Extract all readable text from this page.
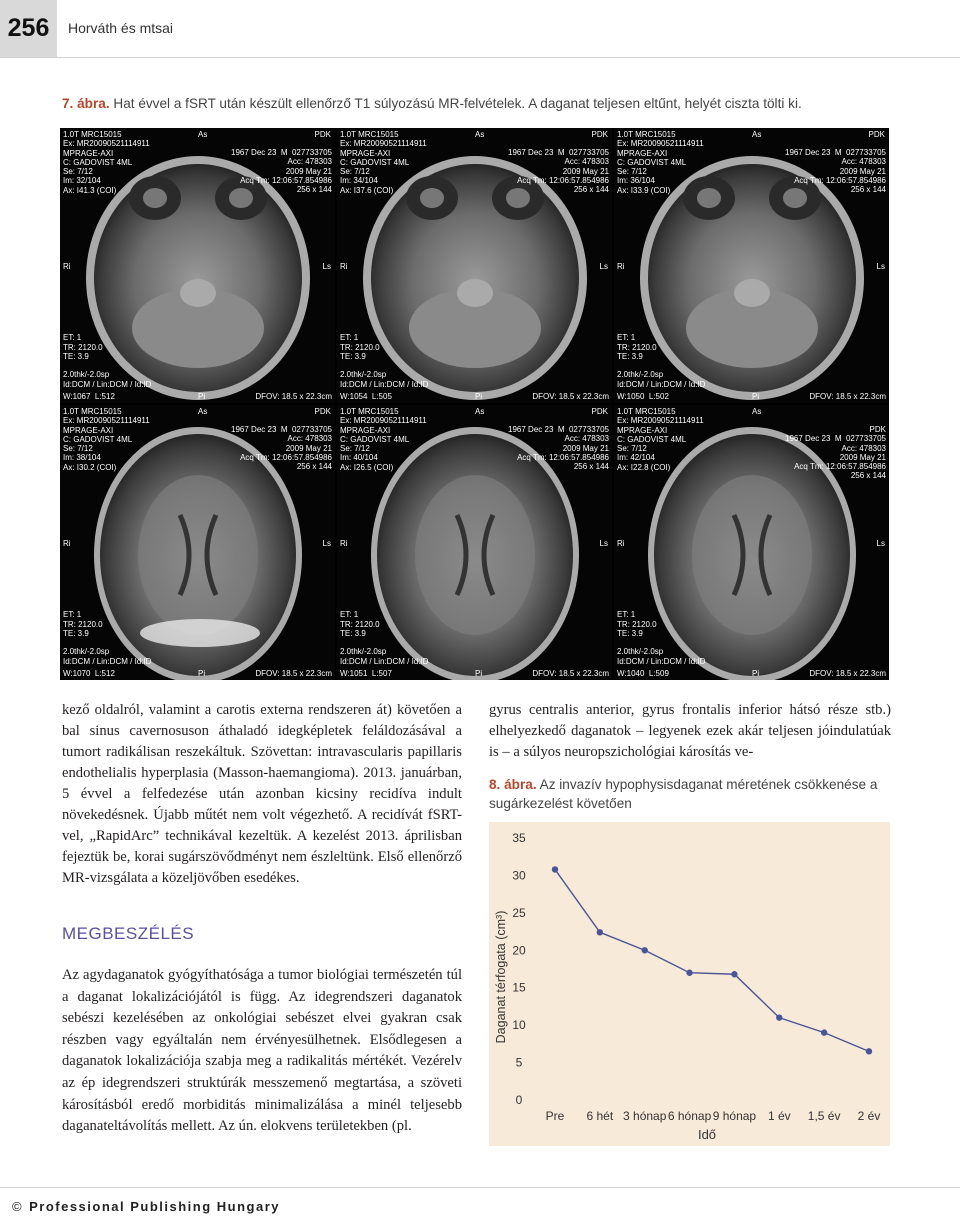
256	Horváth és mtsai
7. ábra. Hat évvel a fSRT után készült ellenőrző T1 súlyozású MR-felvételek. A daganat teljesen eltűnt, helyét ciszta tölti ki.
1.0T MRC15015
Ex: MR20090521114911
MPRAGE-AXI
C: GADOVIST 4ML
Se: 7/12
Im: 32/104
Ax: I41.3 (COI)
1967 Dec 23  M  027733705
Acc: 478303
2009 May 21
Acq Tm: 12:06:57.854986
256 x 144
As	PDK
Ri	Ls
ET: 1
TR: 2120.0
TE: 3.9

2.0thk/-2.0sp
Id:DCM / Lin:DCM / Id:ID
W:1067  L:512	Pi	DFOV: 18.5 x 22.3cm
1.0T MRC15015
Ex: MR20090521114911
MPRAGE-AXI
C: GADOVIST 4ML
Se: 7/12
Im: 34/104
Ax: I37.6 (COI)
1967 Dec 23  M  027733705
Acc: 478303
2009 May 21
Acq Tm: 12:06:57.854986
256 x 144
As	PDK
Ri	Ls
ET: 1
TR: 2120.0
TE: 3.9

2.0thk/-2.0sp
Id:DCM / Lin:DCM / Id:ID
W:1054  L:505	Pi	DFOV: 18.5 x 22.3cm
1.0T MRC15015
Ex: MR20090521114911
MPRAGE-AXI
C: GADOVIST 4ML
Se: 7/12
Im: 36/104
Ax: I33.9 (COI)
1967 Dec 23  M  027733705
Acc: 478303
2009 May 21
Acq Tm: 12:06:57.854986
256 x 144
As	PDK
Ri	Ls
ET: 1
TR: 2120.0
TE: 3.9

2.0thk/-2.0sp
Id:DCM / Lin:DCM / Id:ID
W:1050  L:502	Pi	DFOV: 18.5 x 22.3cm
1.0T MRC15015
Ex: MR20090521114911
MPRAGE-AXI
C: GADOVIST 4ML
Se: 7/12
Im: 38/104
Ax: I30.2 (COI)
1967 Dec 23  M  027733705
Acc: 478303
2009 May 21
Acq Tm: 12:06:57.854986
256 x 144
As	PDK
Ri	Ls
ET: 1
TR: 2120.0
TE: 3.9

2.0thk/-2.0sp
Id:DCM / Lin:DCM / Id:ID
W:1070  L:512	Pi	DFOV: 18.5 x 22.3cm
1.0T MRC15015
Ex: MR20090521114911
MPRAGE-AXI
C: GADOVIST 4ML
Se: 7/12
Im: 40/104
Ax: I26.5 (COI)
1967 Dec 23  M  027733705
Acc: 478303
2009 May 21
Acq Tm: 12:06:57.854986
256 x 144
As	PDK
Ri	Ls
ET: 1
TR: 2120.0
TE: 3.9

2.0thk/-2.0sp
Id:DCM / Lin:DCM / Id:ID
W:1051  L:507	Pi	DFOV: 18.5 x 22.3cm
1.0T MRC15015
Ex: MR20090521114911
MPRAGE-AXI
C: GADOVIST 4ML
Se: 7/12
Im: 42/104
Ax: I22.8 (COI)
PDK
1967 Dec 23  M  027733705
Acc: 478303
2009 May 21
Acq Tm: 12:06:57.854986
256 x 144
As
Ri	Ls
ET: 1
TR: 2120.0
TE: 3.9

2.0thk/-2.0sp
Id:DCM / Lin:DCM / Id:ID
W:1040  L:509	Pi	DFOV: 18.5 x 22.3cm

kező oldalról, valamint a carotis externa rendszeren át) követően a bal sinus cavernosuson áthaladó idegképletek feláldozásával a tumort radikálisan reszekáltuk. Szövettan: intravascularis papillaris endothelialis hyperplasia (Masson-haemangioma). 2013. januárban, 5 évvel a felfedezése után azonban kicsiny recidíva indult növekedésnek. Újabb műtét nem volt végezhető. A recidívát fSRT-vel, „RapidArc” technikával kezeltük. A kezelést 2013. áprilisban fejeztük be, korai sugárszövődményt nem észleltünk. Első ellenőrző MR-vizsgálata a közeljövőben esedékes.

MEGBESZÉLÉS

Az agydaganatok gyógyíthatósága a tumor biológiai természetén túl a daganat lokalizációjától is függ. Az idegrendszeri daganatok sebészi kezelésében az onkológiai sebészet elvei gyakran csak részben vagy egyáltalán nem érvényesülhetnek. Elsődlegesen a daganatok lokalizációja szabja meg a radikalitás mértékét. Vezérelv az ép idegrendszeri struktúrák messzemenő megtartása, a szöveti károsításból eredő morbiditás minimalizálása a minél teljesebb daganateltávolítás mellett. Az ún. elokvens területekben (pl.

gyrus centralis anterior, gyrus frontalis inferior hátsó része stb.) elhelyezkedő daganatok – legyenek ezek akár teljesen jóindulatúak is – a súlyos neuropszichológiai károsítás ve-

8. ábra. Az invazív hypophysisdaganat méretének csökkenése a sugárkezelést követően
0
5
10
15
20
25
30
35
Pre 6 hét 3 hónap 6 hónap 9 hónap 1 év 1,5 év 2 év
Daganat térfogata (cm³)
Idő
© Professional Publishing Hungary
